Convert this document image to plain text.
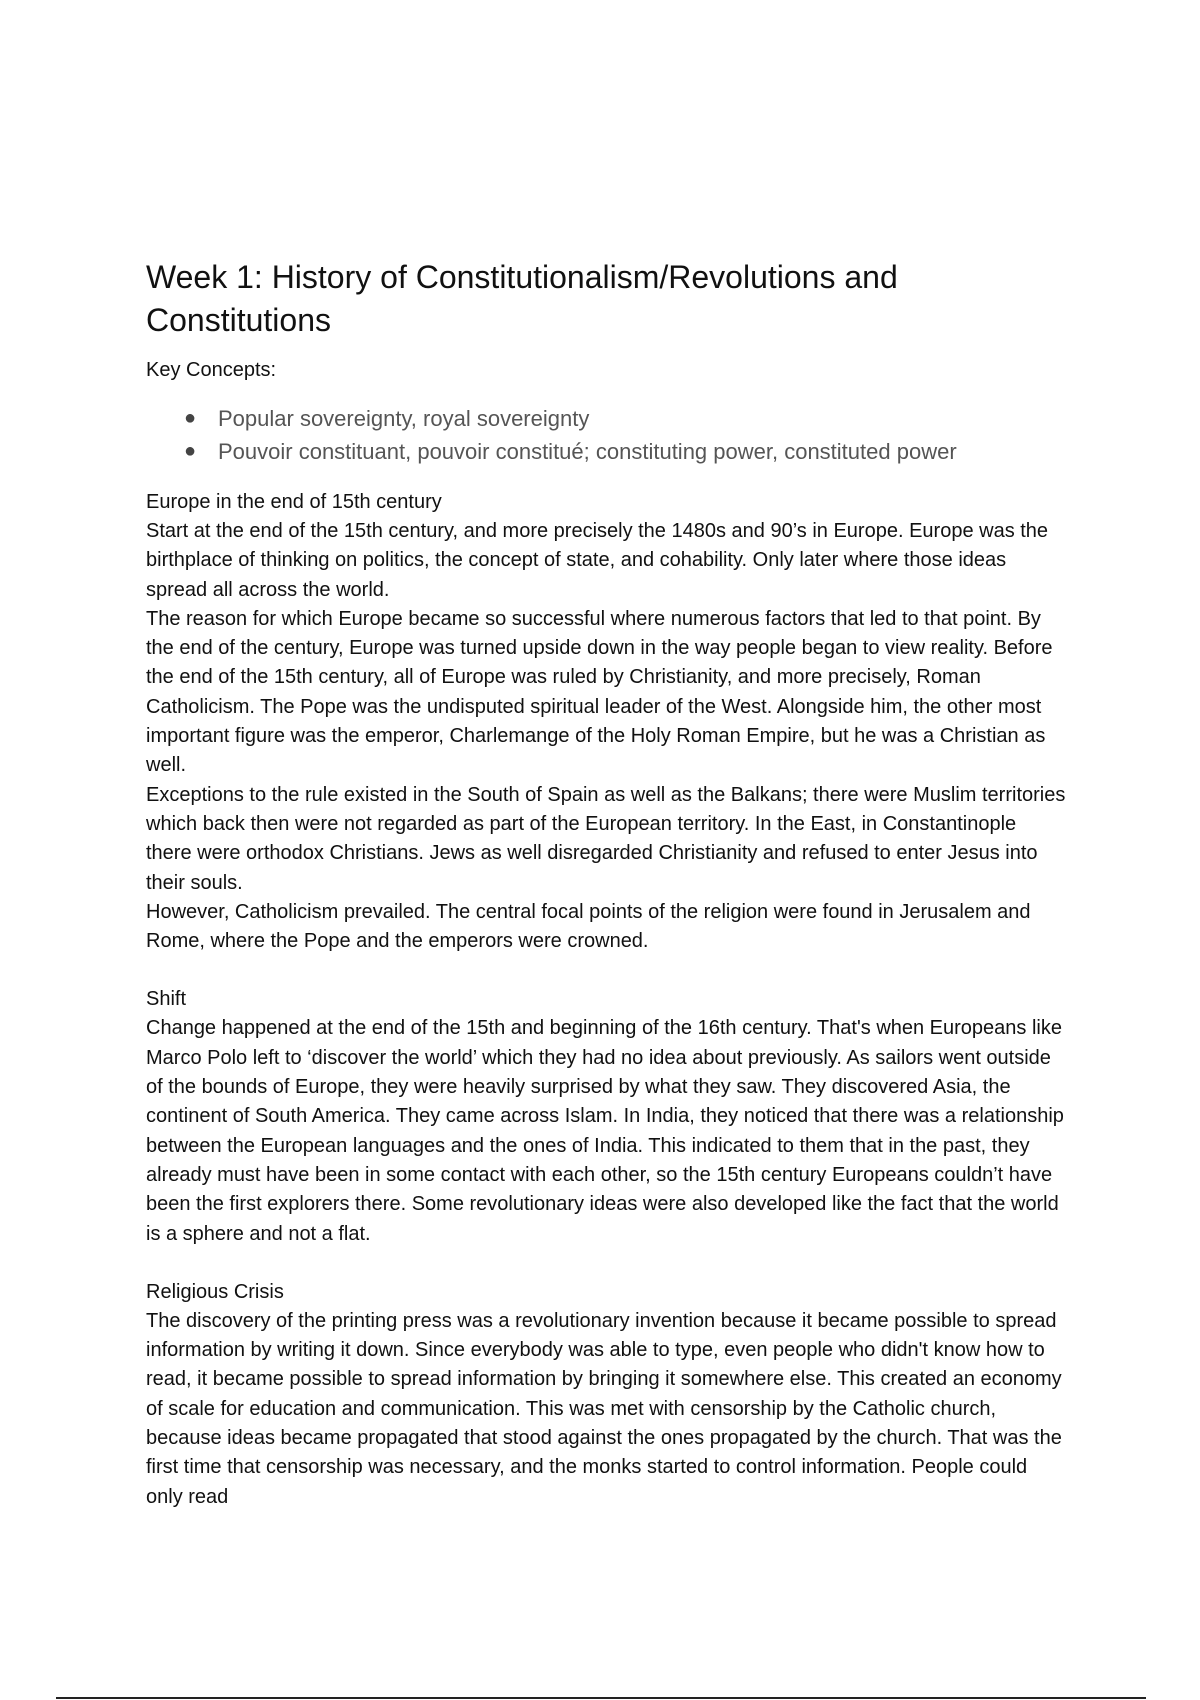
Week 1: History of Constitutionalism/Revolutions and Constitutions
Key Concepts:
● Popular sovereignty, royal sovereignty
● Pouvoir constituant, pouvoir constitué; constituting power, constituted power
Europe in the end of 15th century

Start at the end of the 15th century, and more precisely the 1480s and 90’s in Europe. Europe was the birthplace of thinking on politics, the concept of state, and cohability. Only later where those ideas spread all across the world.

The reason for which Europe became so successful where numerous factors that led to that point. By the end of the century, Europe was turned upside down in the way people began to view reality. Before the end of the 15th century, all of Europe was ruled by Christianity, and more precisely, Roman Catholicism. The Pope was the undisputed spiritual leader of the West. Alongside him, the other most important figure was the emperor, Charlemange of the Holy Roman Empire, but he was a Christian as well.

Exceptions to the rule existed in the South of Spain as well as the Balkans; there were Muslim territories which back then were not regarded as part of the European territory. In the East, in Constantinople there were orthodox Christians. Jews as well disregarded Christianity and refused to enter Jesus into their souls.

However, Catholicism prevailed. The central focal points of the religion were found in Jerusalem and Rome, where the Pope and the emperors were crowned.

Shift

Change happened at the end of the 15th and beginning of the 16th century. That's when Europeans like Marco Polo left to ‘discover the world’ which they had no idea about previously. As sailors went outside of the bounds of Europe, they were heavily surprised by what they saw. They discovered Asia, the continent of South America. They came across Islam. In India, they noticed that there was a relationship between the European languages and the ones of India. This indicated to them that in the past, they already must have been in some contact with each other, so the 15th century Europeans couldn’t have been the first explorers there. Some revolutionary ideas were also developed like the fact that the world is a sphere and not a flat.

Religious Crisis

The discovery of the printing press was a revolutionary invention because it became possible to spread information by writing it down. Since everybody was able to type, even people who didn't know how to read, it became possible to spread information by bringing it somewhere else. This created an economy of scale for education and communication. This was met with censorship by the Catholic church, because ideas became propagated that stood against the ones propagated by the church. That was the first time that censorship was necessary, and the monks started to control information. People could only read
